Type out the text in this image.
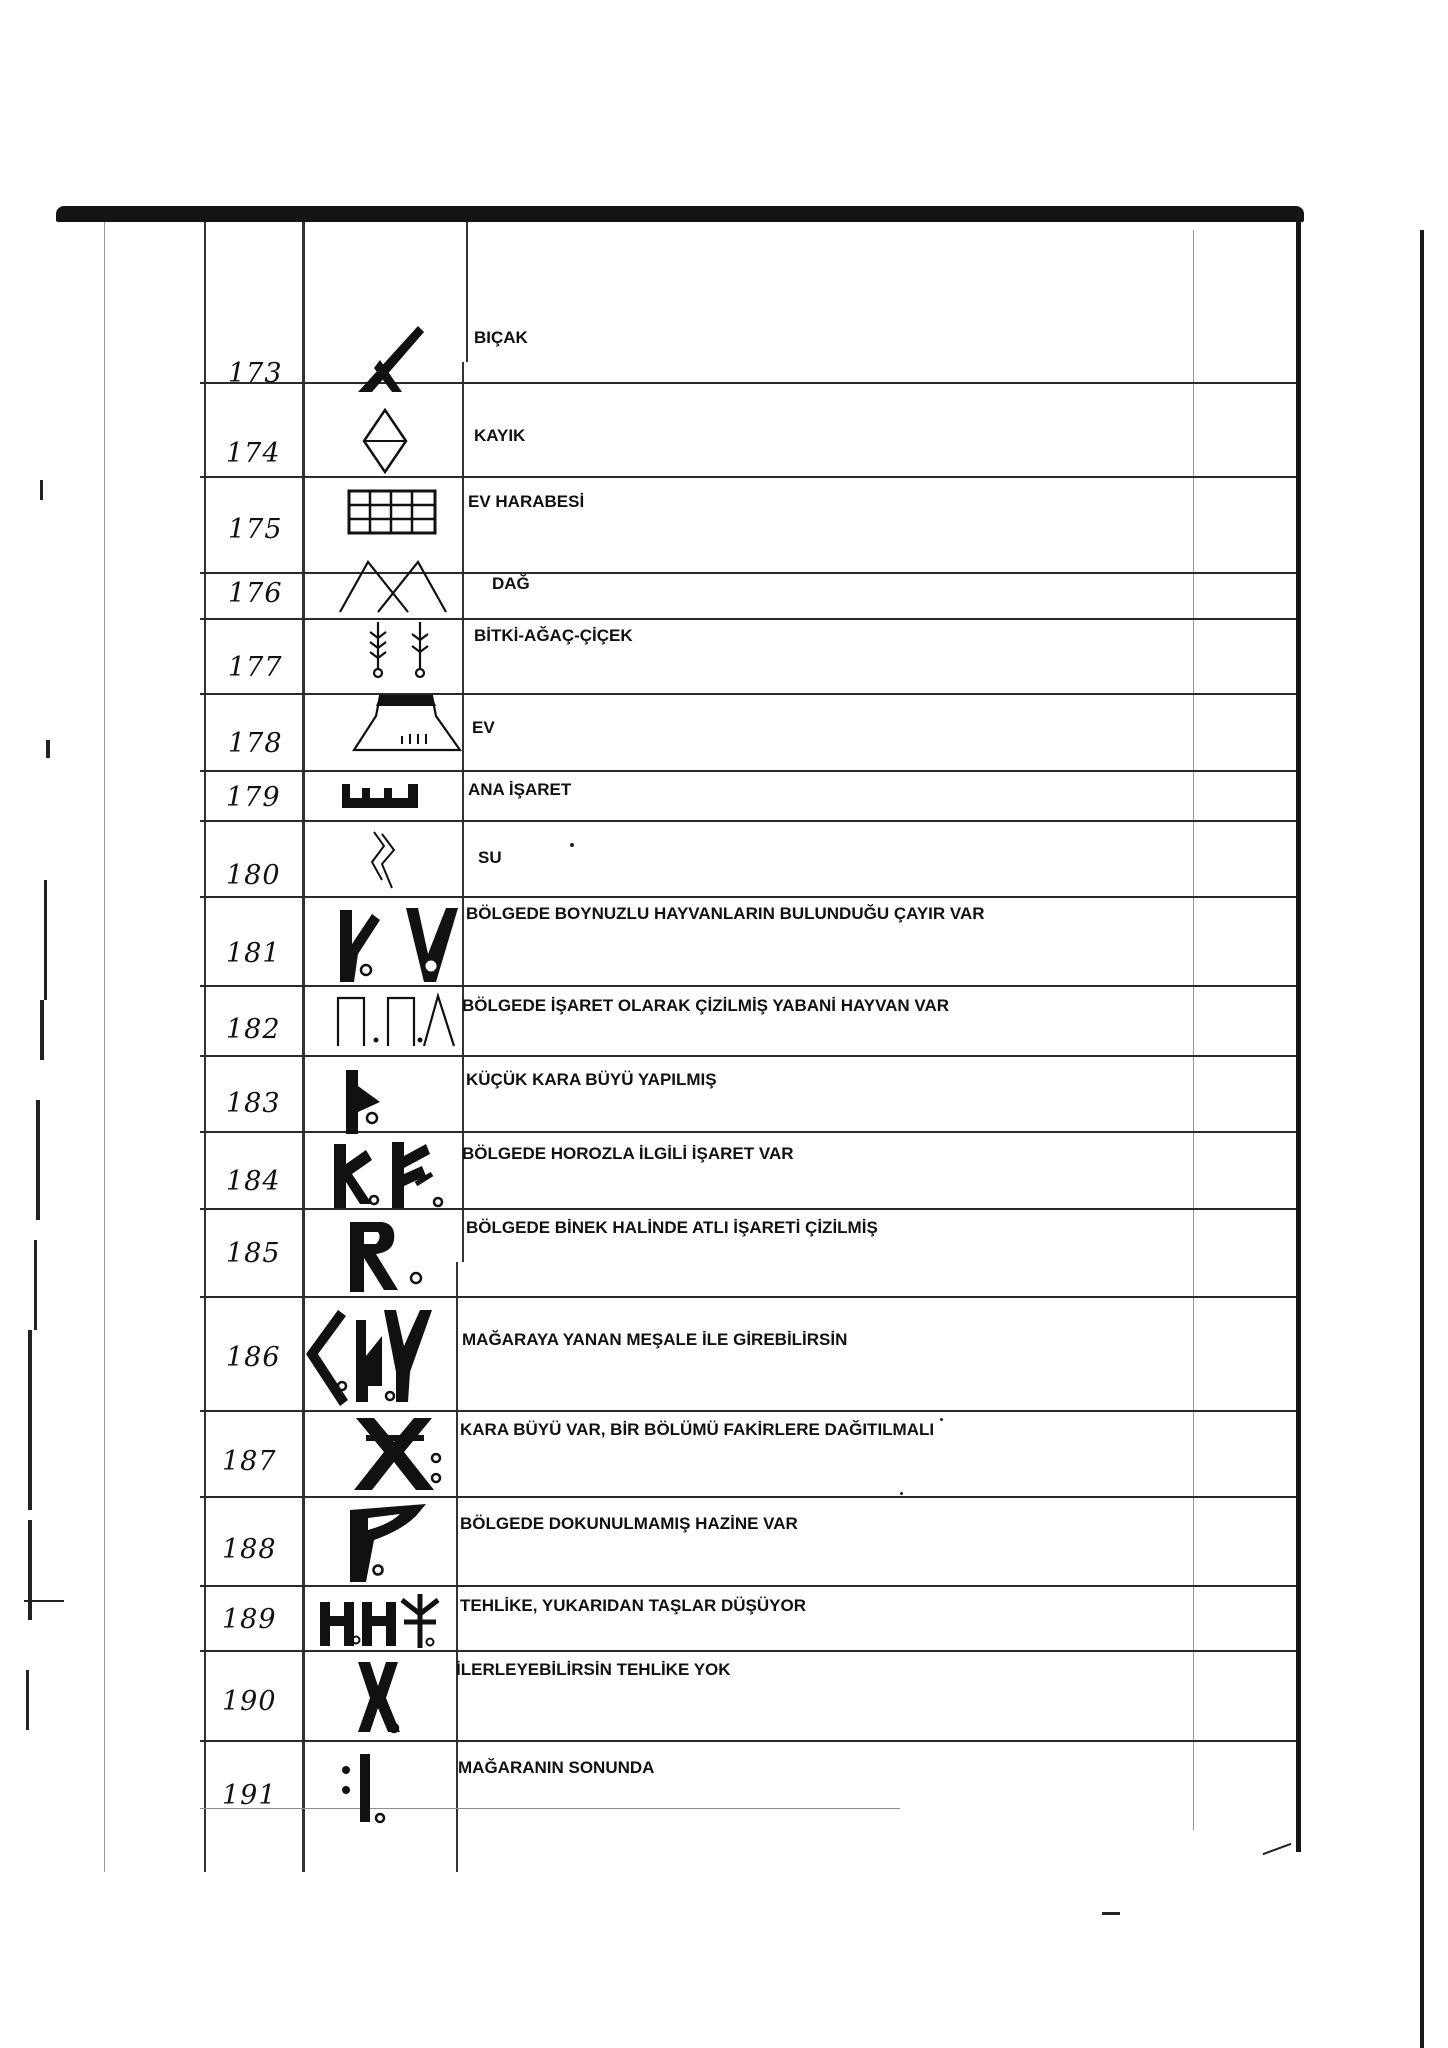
173
174
175
176
177
178
179
180
181
182
183
184
185
186
187
188
189
190
191
BIÇAK
KAYIK
EV HARABESİ
DAĞ
BİTKİ-AĞAÇ-ÇİÇEK
EV
ANA İŞARET
SU
BÖLGEDE BOYNUZLU HAYVANLARIN BULUNDUĞU ÇAYIR VAR
BÖLGEDE İŞARET OLARAK ÇİZİLMİŞ YABANİ HAYVAN VAR
KÜÇÜK KARA BÜYÜ YAPILMIŞ
BÖLGEDE HOROZLA İLGİLİ İŞARET VAR
BÖLGEDE BİNEK HALİNDE ATLI İŞARETİ ÇİZİLMİŞ
MAĞARAYA YANAN MEŞALE İLE GİREBİLİRSİN
KARA BÜYÜ VAR, BİR BÖLÜMÜ FAKİRLERE DAĞITILMALI
BÖLGEDE DOKUNULMAMIŞ HAZİNE VAR
TEHLİKE, YUKARIDAN TAŞLAR DÜŞÜYOR
İLERLEYEBİLİRSİN TEHLİKE YOK
MAĞARANIN SONUNDA
